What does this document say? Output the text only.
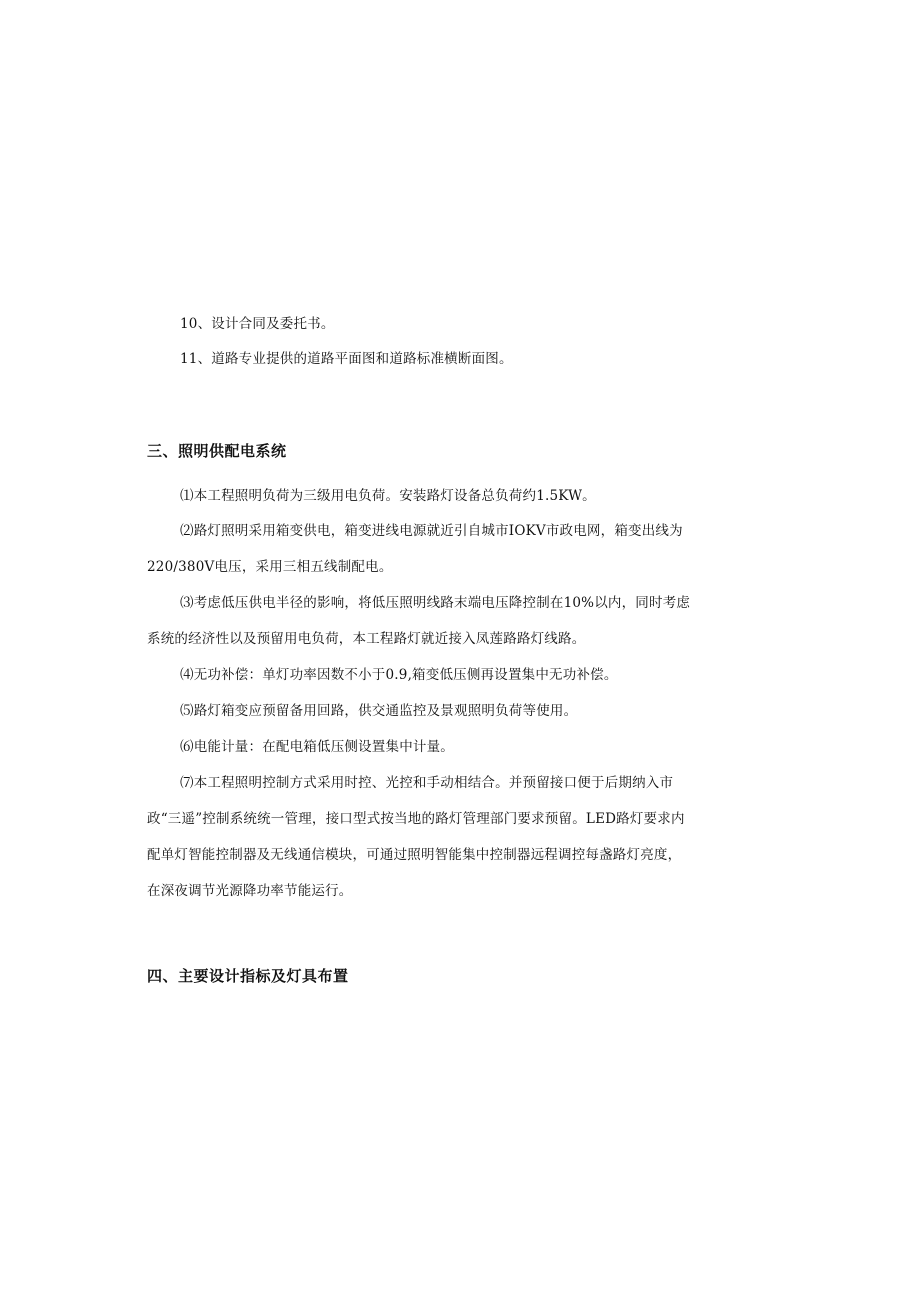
10、设计合同及委托书。
11、道路专业提供的道路平面图和道路标准横断面图。
三、照明供配电系统
⑴本工程照明负荷为三级用电负荷。安装路灯设备总负荷约1.5KW。
⑵路灯照明采用箱变供电，箱变进线电源就近引自城市IOKV市政电网，箱变出线为
220/380V电压，采用三相五线制配电。
⑶考虑低压供电半径的影响，将低压照明线路末端电压降控制在10%以内，同时考虑
系统的经济性以及预留用电负荷，本工程路灯就近接入凤莲路路灯线路。
⑷无功补偿：单灯功率因数不小于0.9,箱变低压侧再设置集中无功补偿。
⑸路灯箱变应预留备用回路，供交通监控及景观照明负荷等使用。
⑹电能计量：在配电箱低压侧设置集中计量。
⑺本工程照明控制方式采用时控、光控和手动相结合。并预留接口便于后期纳入市
政“三遥”控制系统统一管理，接口型式按当地的路灯管理部门要求预留。LED路灯要求内
配单灯智能控制器及无线通信模块，可通过照明智能集中控制器远程调控每盏路灯亮度，
在深夜调节光源降功率节能运行。
四、主要设计指标及灯具布置
